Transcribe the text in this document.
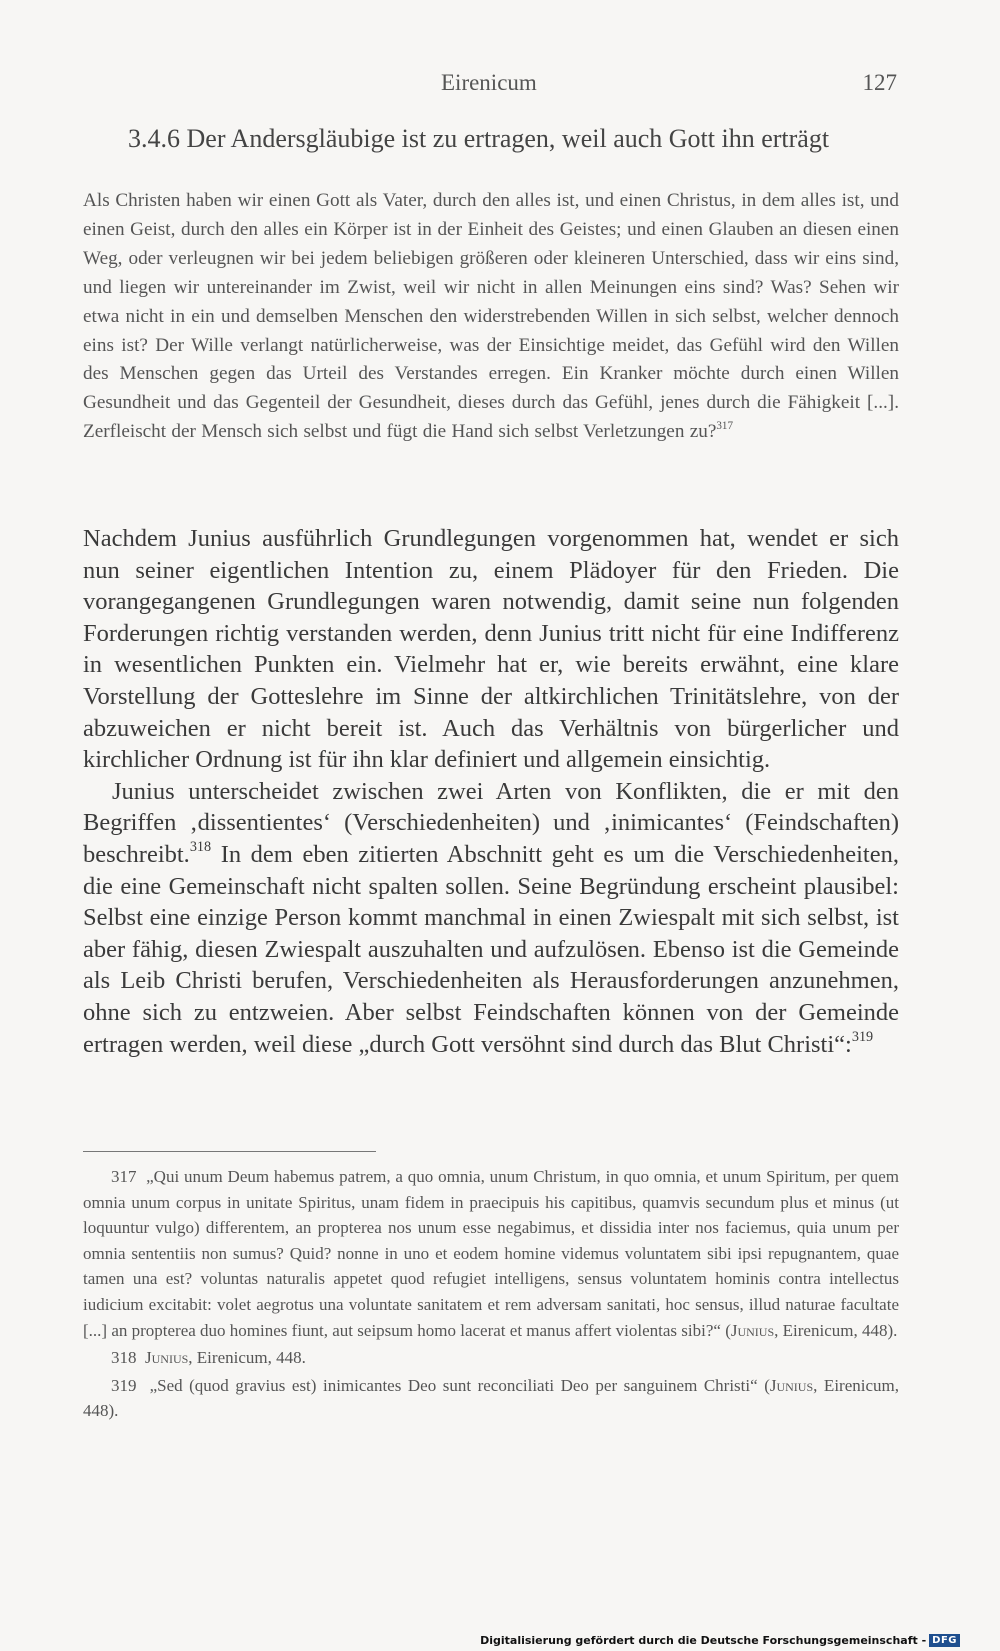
Eirenicum	127
3.4.6 Der Andersgläubige ist zu ertragen, weil auch Gott ihn erträgt

Als Christen haben wir einen Gott als Vater, durch den alles ist, und einen Christus, in dem alles ist, und einen Geist, durch den alles ein Körper ist in der Einheit des Geistes; und einen Glauben an diesen einen Weg, oder verleugnen wir bei jedem beliebigen größeren oder kleineren Unterschied, dass wir eins sind, und liegen wir untereinander im Zwist, weil wir nicht in allen Meinungen eins sind? Was? Sehen wir etwa nicht in ein und demselben Menschen den widerstrebenden Willen in sich selbst, welcher dennoch eins ist? Der Wille verlangt natürlicherweise, was der Einsichtige meidet, das Gefühl wird den Willen des Menschen gegen das Urteil des Verstandes erregen. Ein Kranker möchte durch einen Willen Gesundheit und das Gegenteil der Gesundheit, dieses durch das Gefühl, jenes durch die Fähigkeit [...]. Zerfleischt der Mensch sich selbst und fügt die Hand sich selbst Verletzungen zu?$^{317}$

Nachdem Junius ausführlich Grundlegungen vorgenommen hat, wendet er sich nun seiner eigentlichen Intention zu, einem Plädoyer für den Frieden. Die vorangegangenen Grundlegungen waren notwendig, damit seine nun folgenden Forderungen richtig verstanden werden, denn Junius tritt nicht für eine Indifferenz in wesentlichen Punkten ein. Vielmehr hat er, wie bereits erwähnt, eine klare Vorstellung der Gotteslehre im Sinne der altkirchlichen Trinitätslehre, von der abzuweichen er nicht bereit ist. Auch das Verhältnis von bürgerlicher und kirchlicher Ordnung ist für ihn klar definiert und allgemein einsichtig.

Junius unterscheidet zwischen zwei Arten von Konflikten, die er mit den Begriffen ‚dissentientes‘ (Verschiedenheiten) und ‚inimicantes‘ (Feindschaften) beschreibt.$^{318}$ In dem eben zitierten Abschnitt geht es um die Verschiedenheiten, die eine Gemeinschaft nicht spalten sollen. Seine Begründung erscheint plausibel: Selbst eine einzige Person kommt manchmal in einen Zwiespalt mit sich selbst, ist aber fähig, diesen Zwiespalt auszuhalten und aufzulösen. Ebenso ist die Gemeinde als Leib Christi berufen, Verschiedenheiten als Herausforderungen anzunehmen, ohne sich zu entzweien. Aber selbst Feindschaften können von der Gemeinde ertragen werden, weil diese „durch Gott versöhnt sind durch das Blut Christi“:$^{319}$

317 „Qui unum Deum habemus patrem, a quo omnia, unum Christum, in quo omnia, et unum Spiritum, per quem omnia unum corpus in unitate Spiritus, unam fidem in praecipuis his capitibus, quamvis secundum plus et minus (ut loquuntur vulgo) differentem, an propterea nos unum esse negabimus, et dissidia inter nos faciemus, quia unum per omnia sententiis non sumus? Quid? nonne in uno et eodem homine videmus voluntatem sibi ipsi repugnantem, quae tamen una est? voluntas naturalis appetet quod refugiet intelligens, sensus voluntatem hominis contra intellectus iudicium excitabit: volet aegrotus una voluntate sanitatem et rem adversam sanitati, hoc sensus, illud naturae facultate [...] an propterea duo homines fiunt, aut seipsum homo lacerat et manus affert violentas sibi?“ (Junius, Eirenicum, 448).

318 Junius, Eirenicum, 448.

319 „Sed (quod gravius est) inimicantes Deo sunt reconciliati Deo per sanguinem Christi“ (Junius, Eirenicum, 448).

Digitalisierung gefördert durch die Deutsche Forschungsgemeinschaft - DFG
